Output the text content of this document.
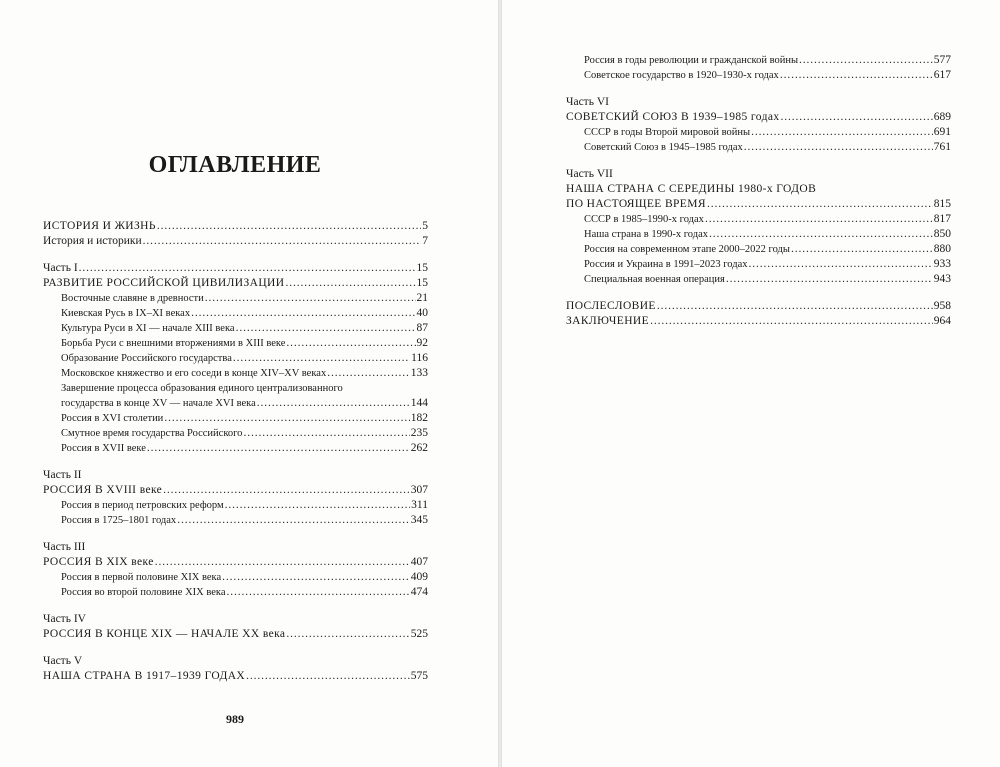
ОГЛАВЛЕНИЕ
989
ИСТОРИЯ И ЖИЗНЬ . . .	5
История и историки . . .	7
Часть I . . .	15
РАЗВИТИЕ РОССИЙСКОЙ ЦИВИЛИЗАЦИИ . . .	15
Восточные славяне в древности . . .	21
Киевская Русь в IX–XI веках . . .	40
Культура Руси в XI — начале XIII века . . .	87
Борьба Руси с внешними вторжениями в XIII веке . . .	92
Образование Российского государства . . .	116
Московское княжество и его соседи в конце XIV–XV веках . . .	133
Завершение процесса образования единого централизованного
государства в конце XV — начале XVI века . . .	144
Россия в XVI столетии . . .	182
Смутное время государства Российского . . .	235
Россия в XVII веке . . .	262
Часть II
РОССИЯ В XVIII веке . . .	307
Россия в период петровских реформ . . .	311
Россия в 1725–1801 годах . . .	345
Часть III
РОССИЯ В XIX веке . . .	407
Россия в первой половине XIX века . . .	409
Россия во второй половине XIX века . . .	474
Часть IV
РОССИЯ В КОНЦЕ XIX — НАЧАЛЕ XX века . . .	525
Часть V
НАША СТРАНА В 1917–1939 ГОДАХ . . .	575
Россия в годы революции и гражданской войны . . .	577
Советское государство в 1920–1930-х годах . . .	617
Часть VI
СОВЕТСКИЙ СОЮЗ В 1939–1985 годах . . .	689
СССР в годы Второй мировой войны . . .	691
Советский Союз в 1945–1985 годах . . .	761
Часть VII
НАША СТРАНА С СЕРЕДИНЫ 1980-х ГОДОВ
ПО НАСТОЯЩЕЕ ВРЕМЯ . . .	815
СССР в 1985–1990-х годах . . .	817
Наша страна в 1990-х годах . . .	850
Россия на современном этапе 2000–2022 годы . . .	880
Россия и Украина в 1991–2023 годах . . .	933
Специальная военная операция . . .	943
ПОСЛЕСЛОВИЕ . . .	958
ЗАКЛЮЧЕНИЕ . . .	964
